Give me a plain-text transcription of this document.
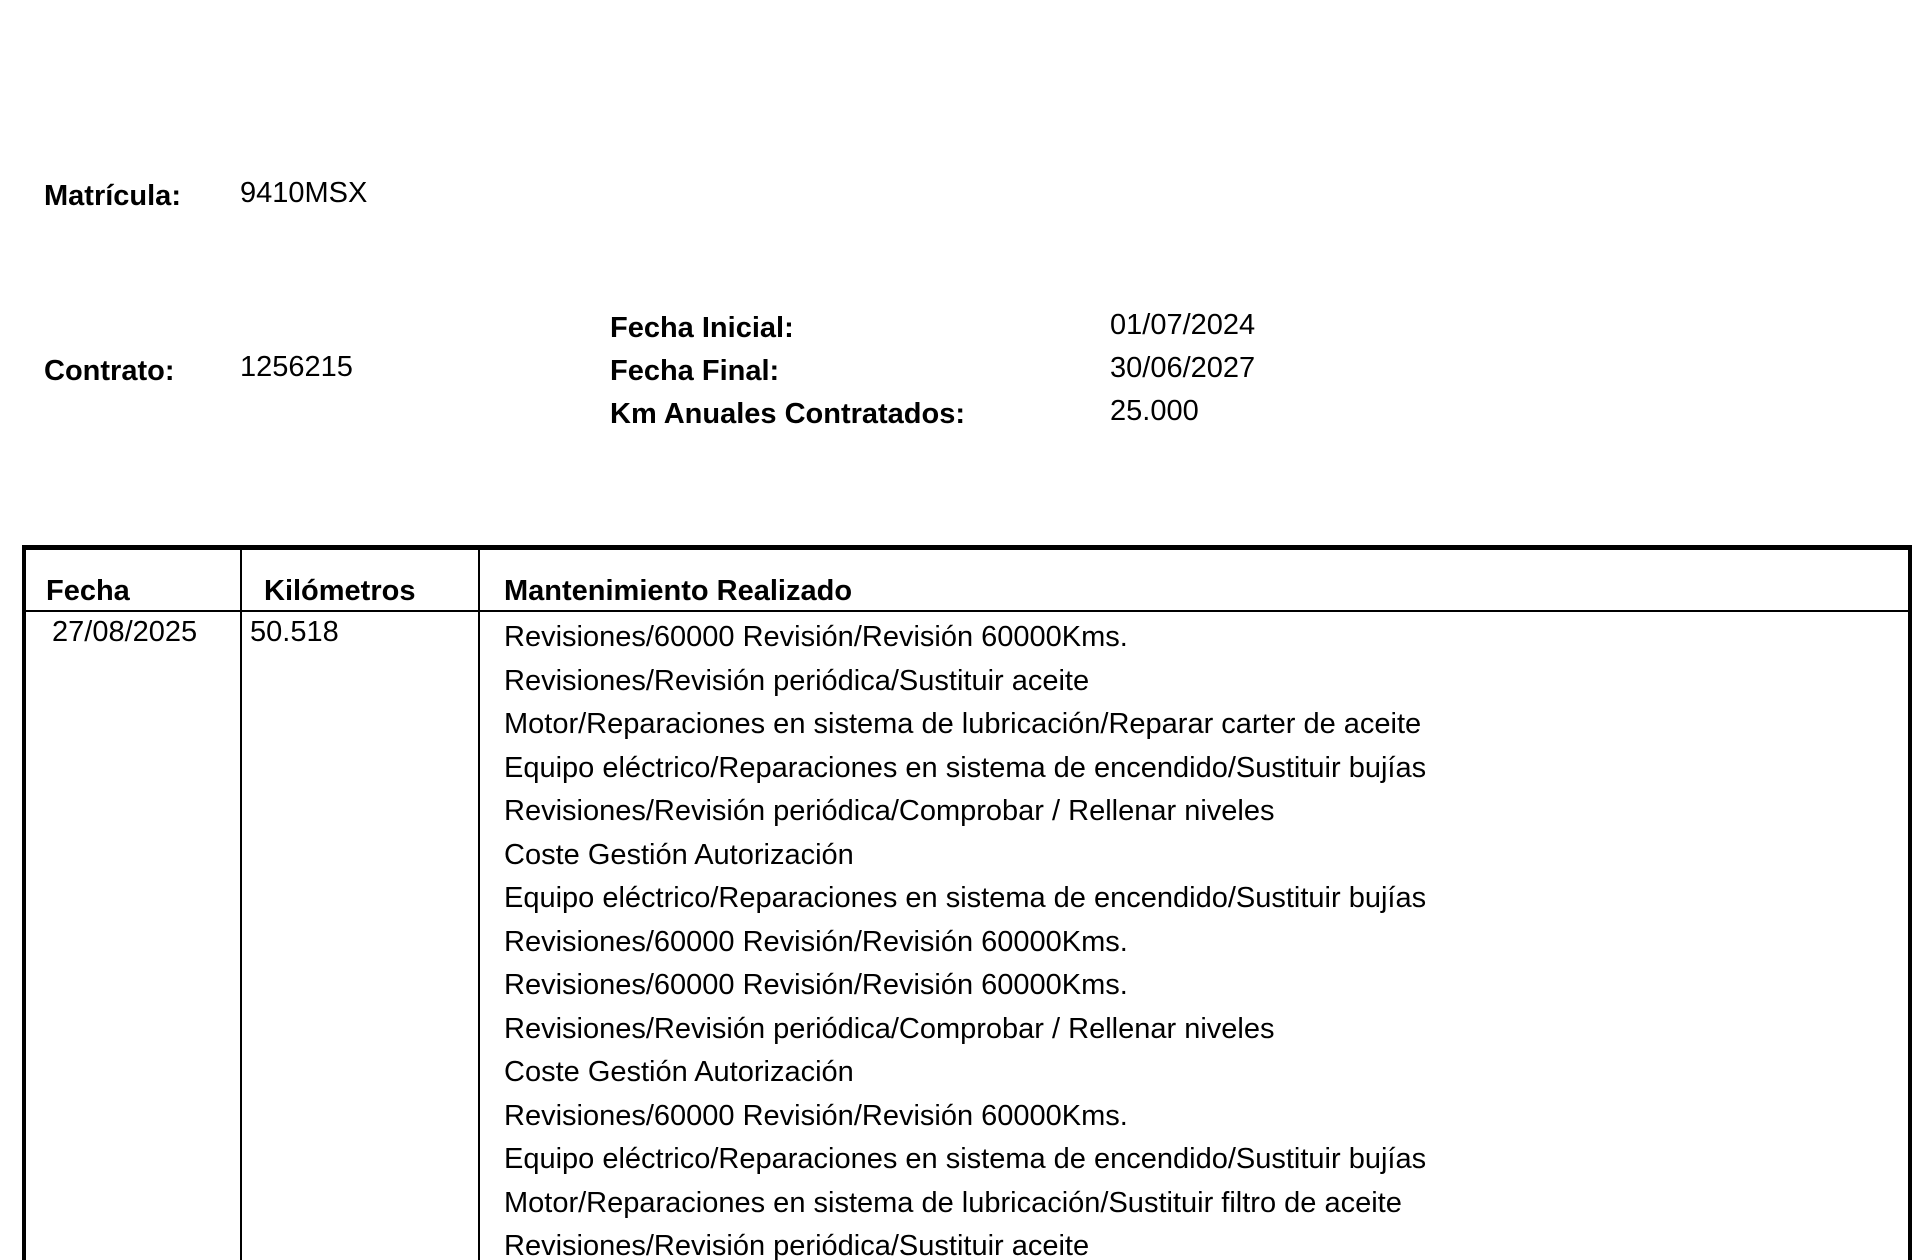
Matrícula: 9410MSX
Contrato: 1256215
Fecha Inicial:	01/07/2024
Fecha Final:	30/06/2027
Km Anuales Contratados:	25.000
Fecha	Kilómetros	Mantenimiento Realizado
27/08/2025 50.518	Revisiones/60000 Revisión/Revisión 60000Kms.
Revisiones/Revisión periódica/Sustituir aceite
Motor/Reparaciones en sistema de lubricación/Reparar carter de aceite
Equipo eléctrico/Reparaciones en sistema de encendido/Sustituir bujías
Revisiones/Revisión periódica/Comprobar / Rellenar niveles
Coste Gestión Autorización
Equipo eléctrico/Reparaciones en sistema de encendido/Sustituir bujías
Revisiones/60000 Revisión/Revisión 60000Kms.
Revisiones/60000 Revisión/Revisión 60000Kms.
Revisiones/Revisión periódica/Comprobar / Rellenar niveles
Coste Gestión Autorización
Revisiones/60000 Revisión/Revisión 60000Kms.
Equipo eléctrico/Reparaciones en sistema de encendido/Sustituir bujías
Motor/Reparaciones en sistema de lubricación/Sustituir filtro de aceite
Revisiones/Revisión periódica/Sustituir aceite
